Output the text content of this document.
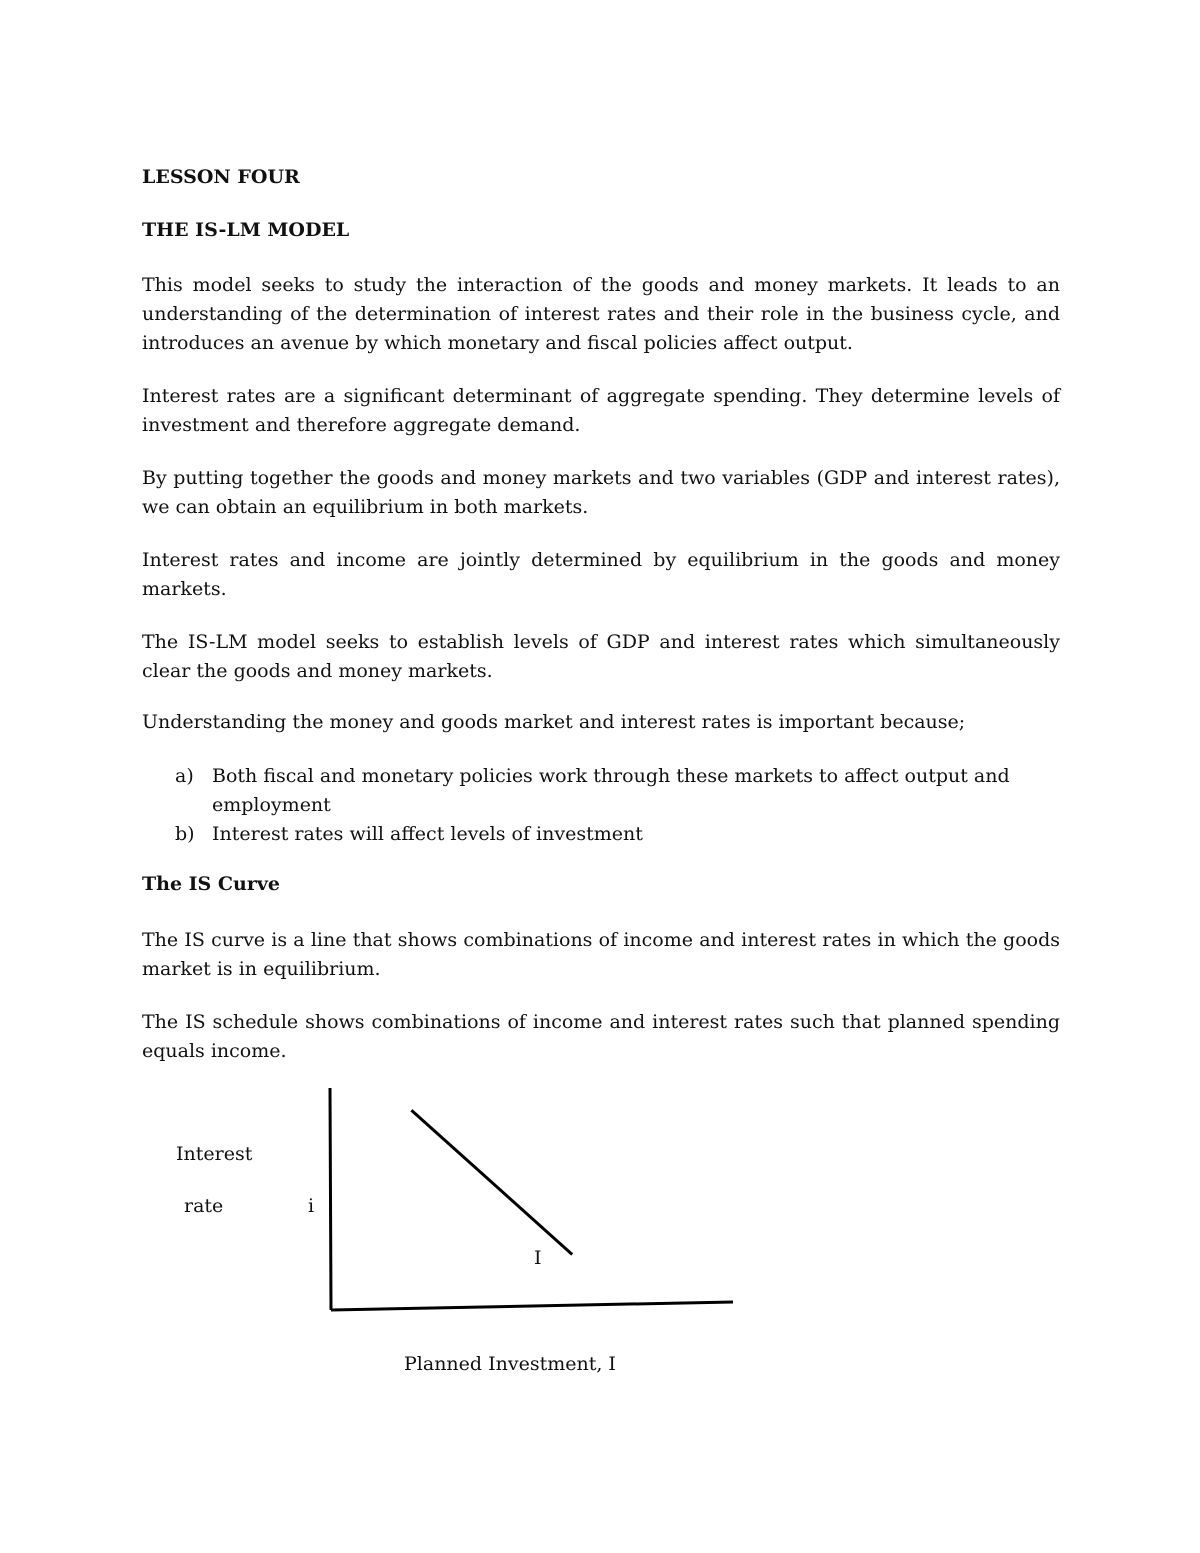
LESSON FOUR
THE IS-LM MODEL

This model seeks to study the interaction of the goods and money markets. It leads to an understanding of the determination of interest rates and their role in the business cycle, and introduces an avenue by which monetary and fiscal policies affect output.

Interest rates are a significant determinant of aggregate spending. They determine levels of investment and therefore aggregate demand.

By putting together the goods and money markets and two variables (GDP and interest rates), we can obtain an equilibrium in both markets.

Interest rates and income are jointly determined by equilibrium in the goods and money markets.

The IS-LM model seeks to establish levels of GDP and interest rates which simultaneously clear the goods and money markets.

Understanding the money and goods market and interest rates is important because;

a) Both fiscal and monetary policies work through these markets to affect output and employment
b) Interest rates will affect levels of investment
The IS Curve

The IS curve is a line that shows combinations of income and interest rates in which the goods market is in equilibrium.

The IS schedule shows combinations of income and interest rates such that planned spending equals income.

Interest
rate	i
I
Planned Investment, I
